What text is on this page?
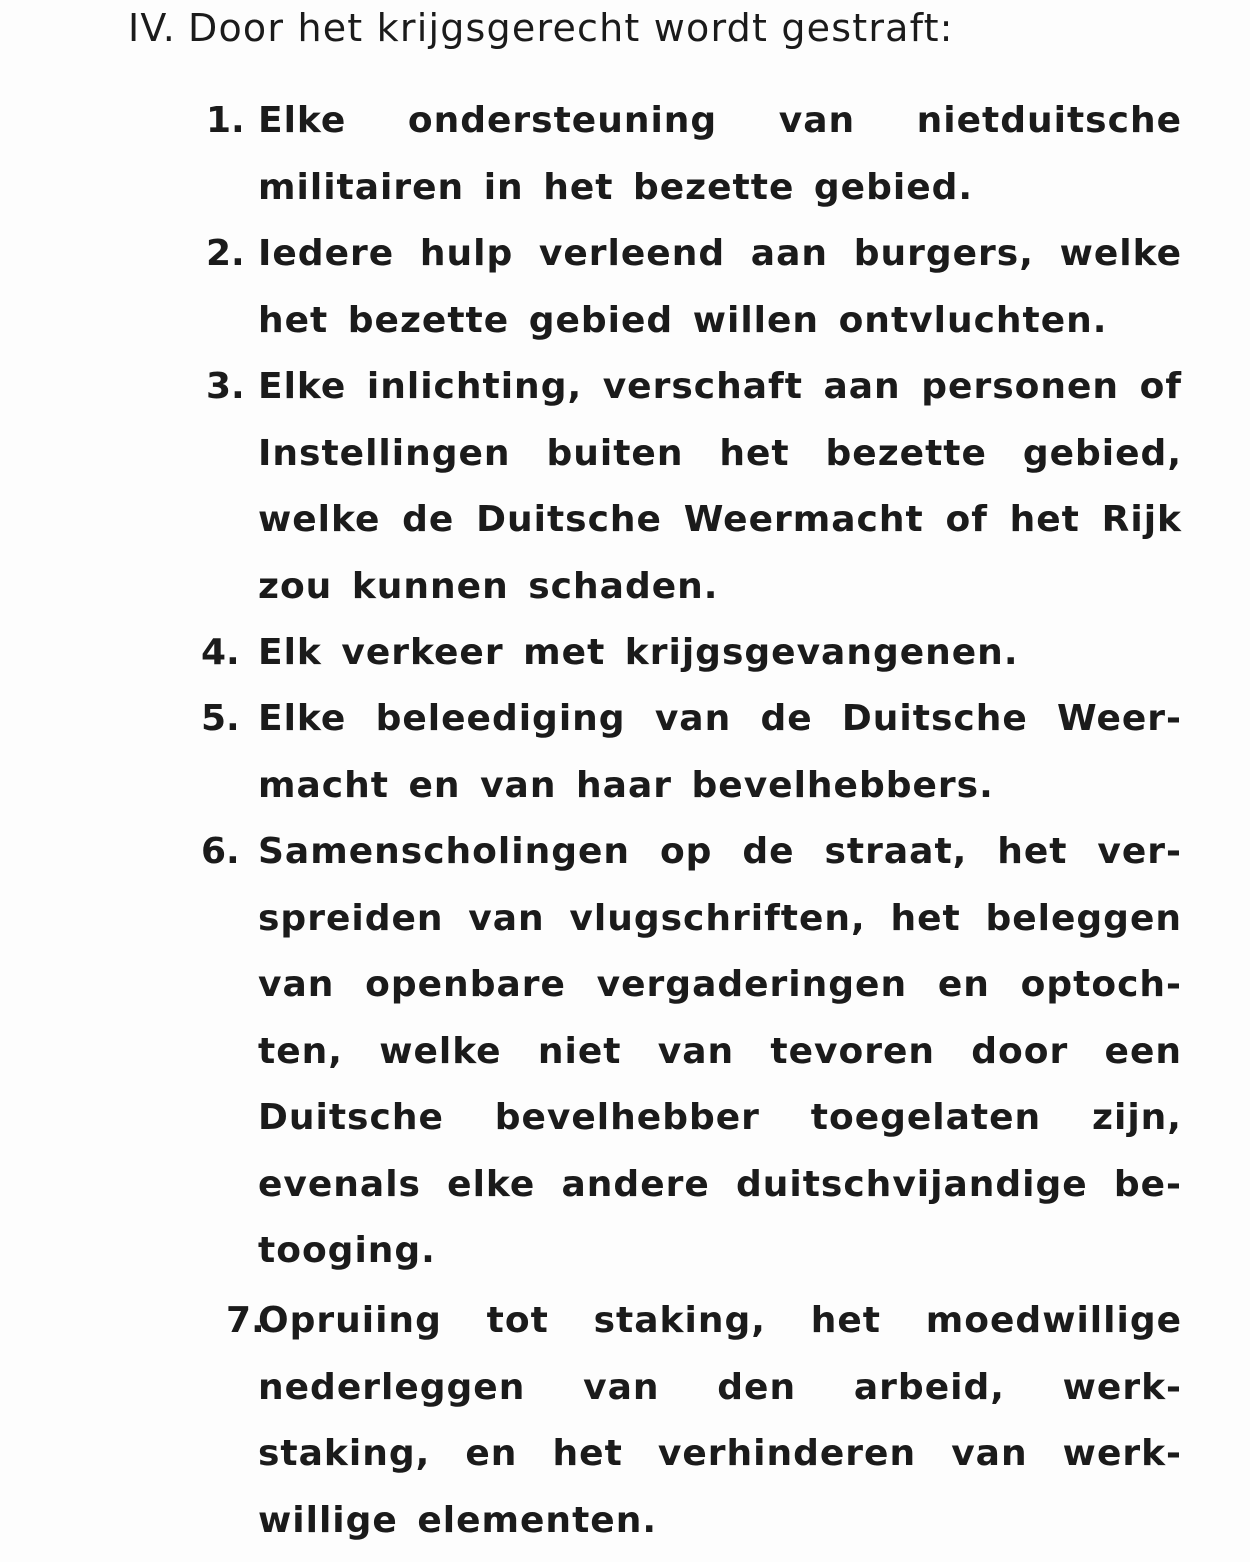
IV. Door het krijgsgerecht wordt gestraft:
1. Elke ondersteuning van nietduitsche militairen in het bezette gebied.
2. Iedere hulp verleend aan burgers, welke het bezette gebied willen ontvluchten.
3. Elke inlichting, verschaft aan personen of Instellingen buiten het bezette gebied, welke de Duitsche Weermacht of het Rijk zou kunnen schaden.
4. Elk verkeer met krijgsgevangenen.
5. Elke beleediging van de Duitsche Weer-macht en van haar bevelhebbers.
6. Samenscholingen op de straat, het ver-spreiden van vlugschriften, het beleggen van openbare vergaderingen en optoch-ten, welke niet van tevoren door een Duitsche bevelhebber toegelaten zijn, evenals elke andere duitschvijandige be-tooging.
7.
Opruiing tot staking, het moedwillige nederleggen van den arbeid, werk-staking, en het verhinderen van werk-willige elementen.
